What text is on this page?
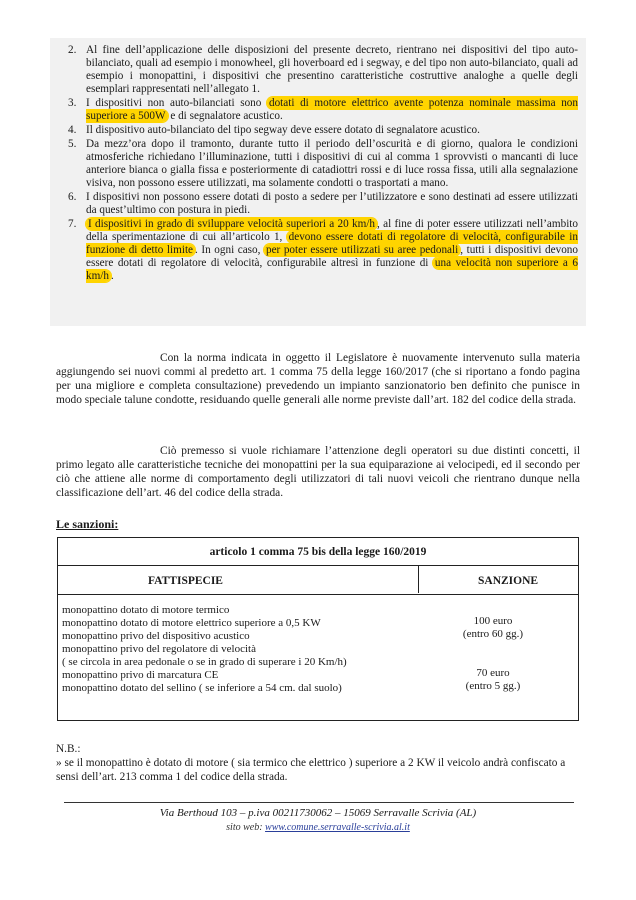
2. Al fine dell’applicazione delle disposizioni del presente decreto, rientrano nei dispositivi del tipo auto-bilanciato, quali ad esempio i monowheel, gli hoverboard ed i segway, e del tipo non auto-bilanciato, quali ad esempio i monopattini, i dispositivi che presentino caratteristiche costruttive analoghe a quelle degli esemplari rappresentati nell’allegato 1.
3. I dispositivi non auto-bilanciati sono dotati di motore elettrico avente potenza nominale massima non superiore a 500W e di segnalatore acustico.
4. Il dispositivo auto-bilanciato del tipo segway deve essere dotato di segnalatore acustico.
5. Da mezz’ora dopo il tramonto, durante tutto il periodo dell’oscurità e di giorno, qualora le condizioni atmosferiche richiedano l’illuminazione, tutti i dispositivi di cui al comma 1 sprovvisti o mancanti di luce anteriore bianca o gialla fissa e posteriormente di catadiottri rossi e di luce rossa fissa, utili alla segnalazione visiva, non possono essere utilizzati, ma solamente condotti o trasportati a mano.
6. I dispositivi non possono essere dotati di posto a sedere per l’utilizzatore e sono destinati ad essere utilizzati da quest’ultimo con postura in piedi.
7.	I dispositivi in grado di sviluppare velocità superiori a 20 km/h , al fine di poter essere utilizzati nell’ambito della sperimentazione di cui all’articolo 1, devono essere dotati di regolatore di velocità, configurabile in funzione di detto limite . In ogni caso, per poter essere utilizzati su aree pedonali , tutti i dispositivi devono essere dotati di regolatore di velocità, configurabile altresì in funzione di una velocità non superiore a 6 km/h .
Con la norma indicata in oggetto il Legislatore è nuovamente intervenuto sulla materia aggiungendo sei nuovi commi al predetto art. 1 comma 75 della legge 160/2017 (che si riportano a fondo pagina per una migliore e completa consultazione) prevedendo un impianto sanzionatorio ben definito che punisce in modo speciale talune condotte, residuando quelle generali alle norme previste dall’art. 182 del codice della strada.
Ciò premesso si vuole richiamare l’attenzione degli operatori su due distinti concetti, il primo legato alle caratteristiche tecniche dei monopattini per la sua equiparazione ai velocipedi, ed il secondo per ciò che attiene alle norme di comportamento degli utilizzatori di tali nuovi veicoli che rientrano dunque nella classificazione dell’art. 46 del codice della strada.
Le sanzioni:
articolo 1 comma 75 bis della legge 160/2019
FATTISPECIE	SANZIONE
monopattino dotato di motore termico
monopattino dotato di motore elettrico superiore a 0,5 KW
monopattino privo del dispositivo acustico
monopattino privo del regolatore di velocità
( se circola in area pedonale o se in grado di superare i 20 Km/h)
monopattino privo di marcatura CE
monopattino dotato del sellino ( se inferiore a 54 cm. dal suolo)
100 euro
(entro 60 gg.)
70 euro
(entro 5 gg.)
N.B.:
» se il monopattino è dotato di motore ( sia termico che elettrico ) superiore a 2 KW il veicolo andrà confiscato a sensi dell’art. 213 comma 1 del codice della strada.
Via Berthoud 103 – p.iva 00211730062 – 15069 Serravalle Scrivia (AL)
sito web: www.comune.serravalle-scrivia.al.it
